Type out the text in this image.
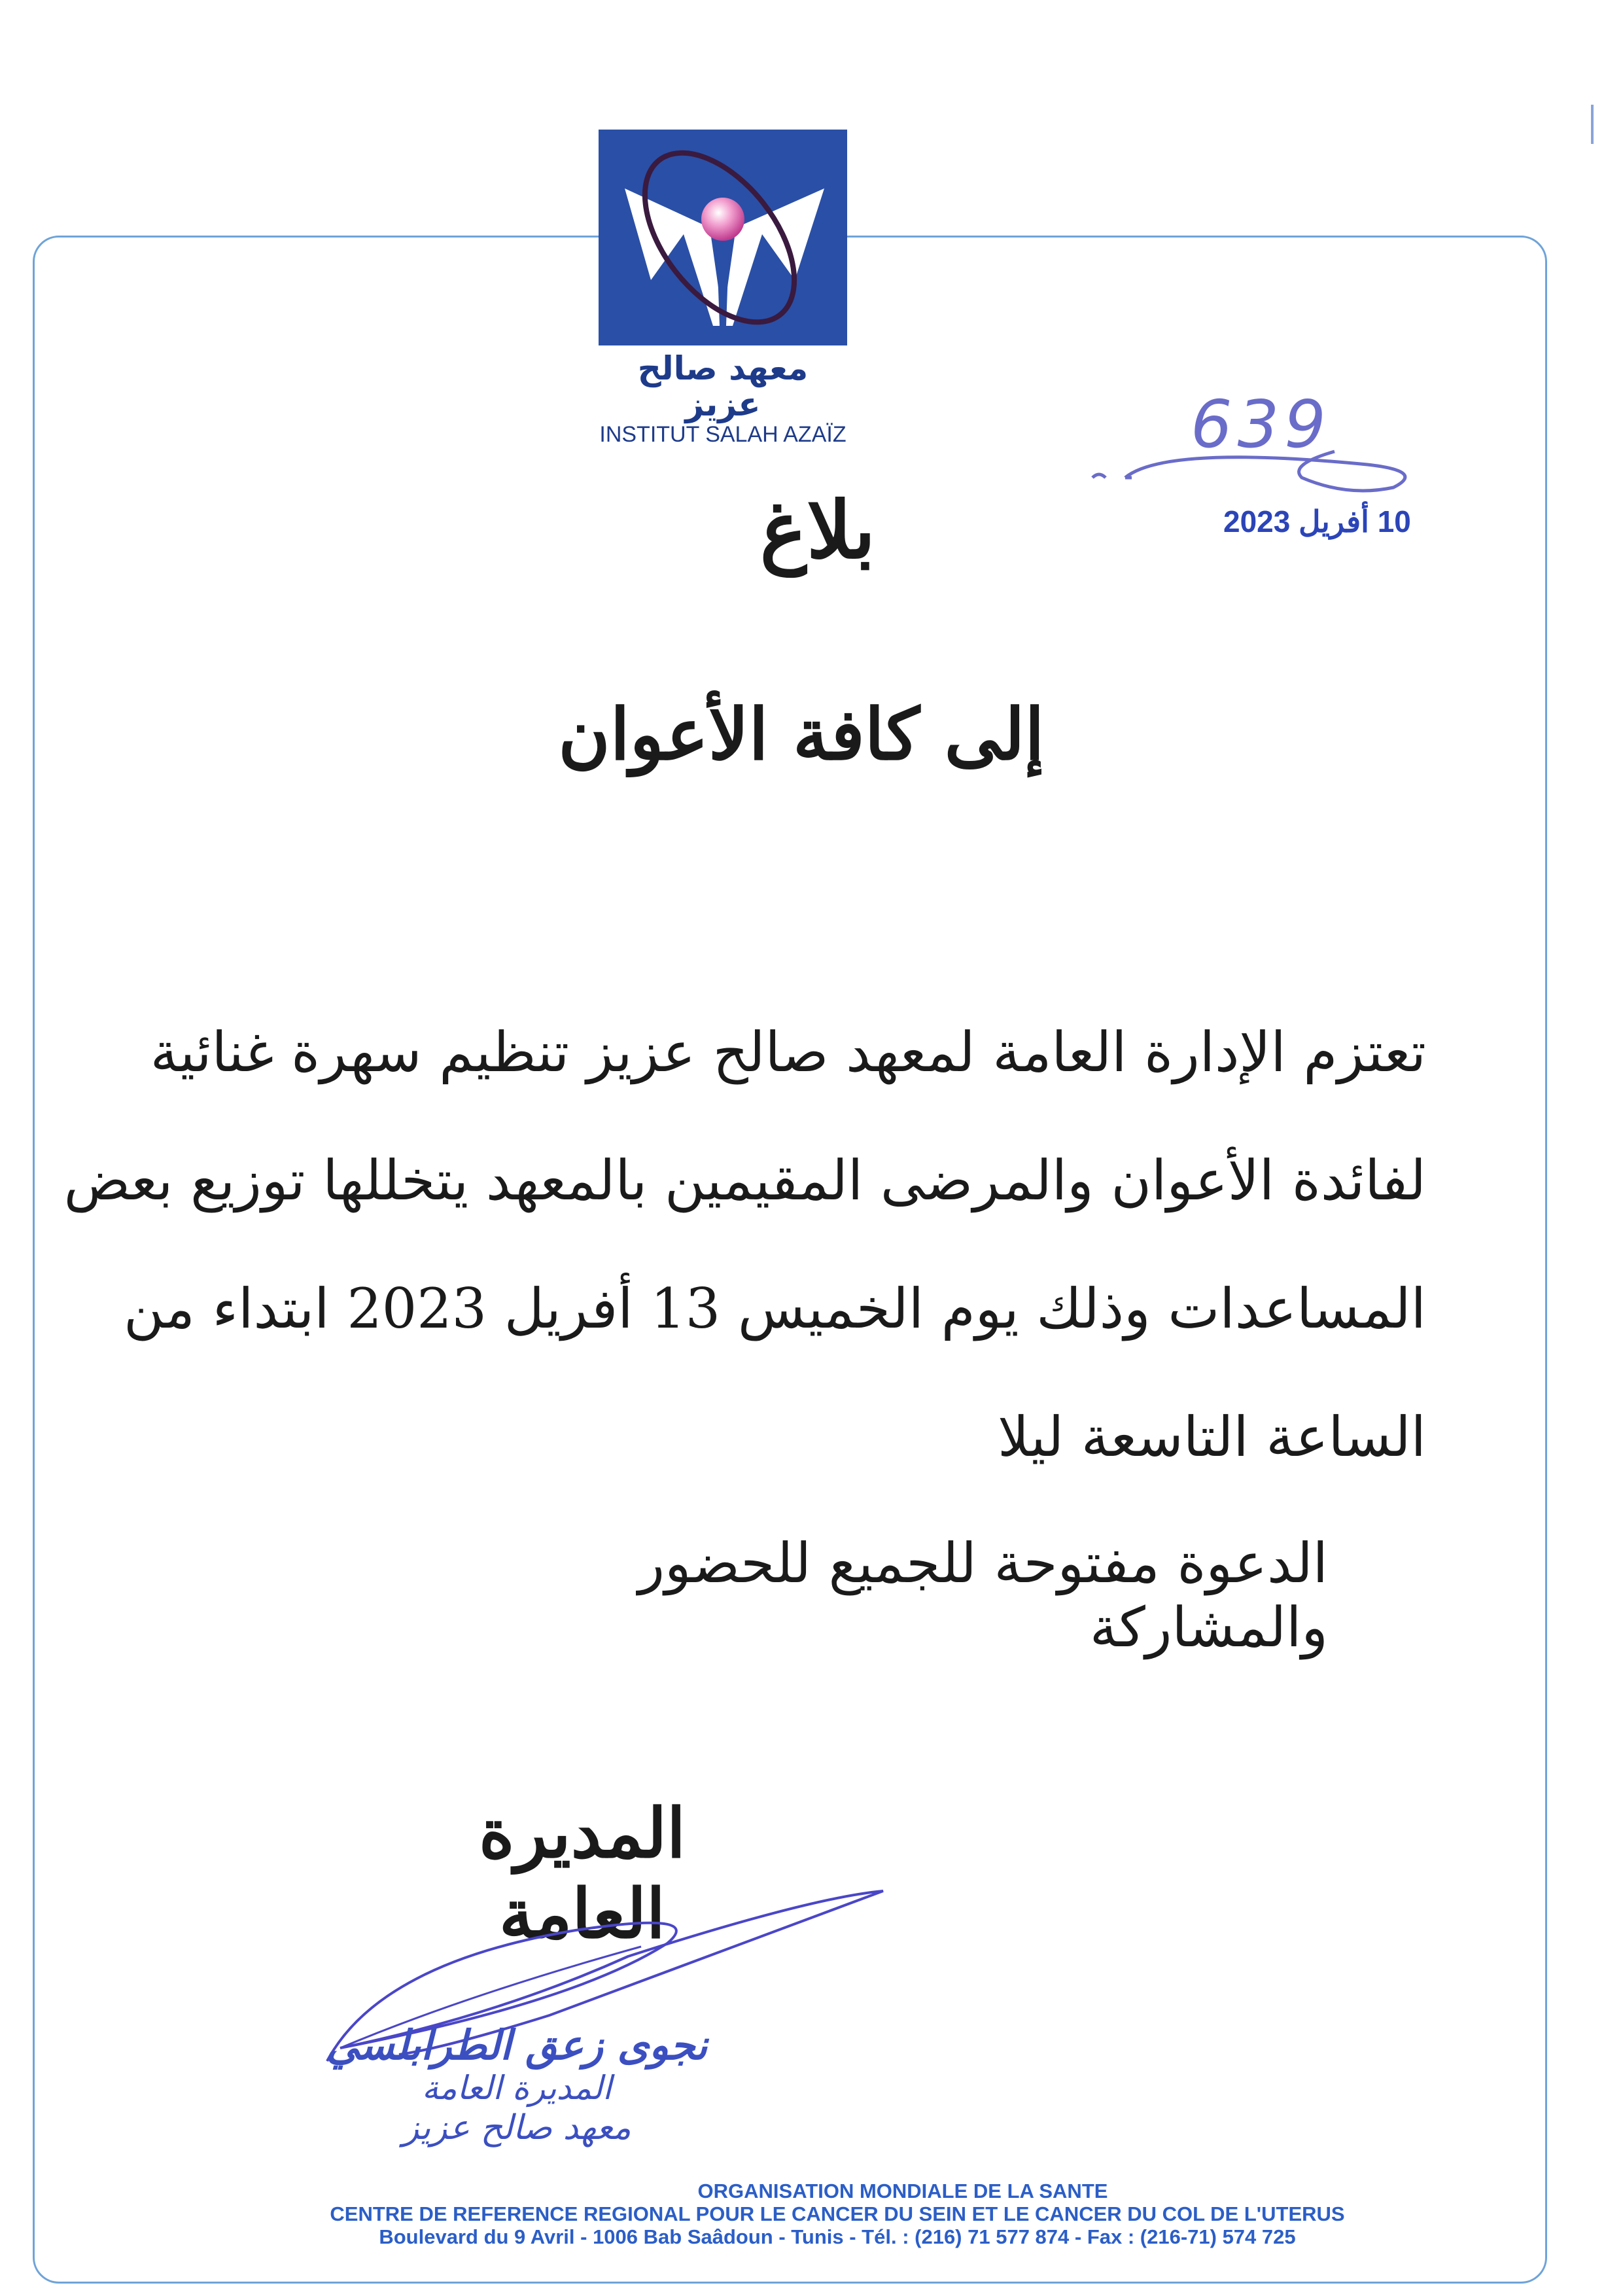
معهد صالح عزيز
INSTITUT SALAH AZAÏZ	639
10 أفريل 2023
بلاغ
إلى كافة الأعوان
تعتزم الإدارة العامة لمعهد صالح عزيز تنظيم سهرة غنائية
لفائدة الأعوان والمرضى المقيمين بالمعهد يتخللها توزيع بعض
المساعدات وذلك يوم الخميس 13 أفريل 2023 ابتداء من
الساعة التاسعة ليلا
الدعوة مفتوحة للجميع للحضور والمشاركة
المديرة العامة
نجوى زعق الطرابلسي
المديرة العامة
معهد صالح عزيز
ORGANISATION MONDIALE DE LA SANTE
CENTRE DE REFERENCE REGIONAL POUR LE CANCER DU SEIN ET LE CANCER DU COL DE L'UTERUS
Boulevard du 9 Avril - 1006 Bab Saâdoun - Tunis - Tél. : (216) 71 577 874 - Fax : (216-71) 574 725
